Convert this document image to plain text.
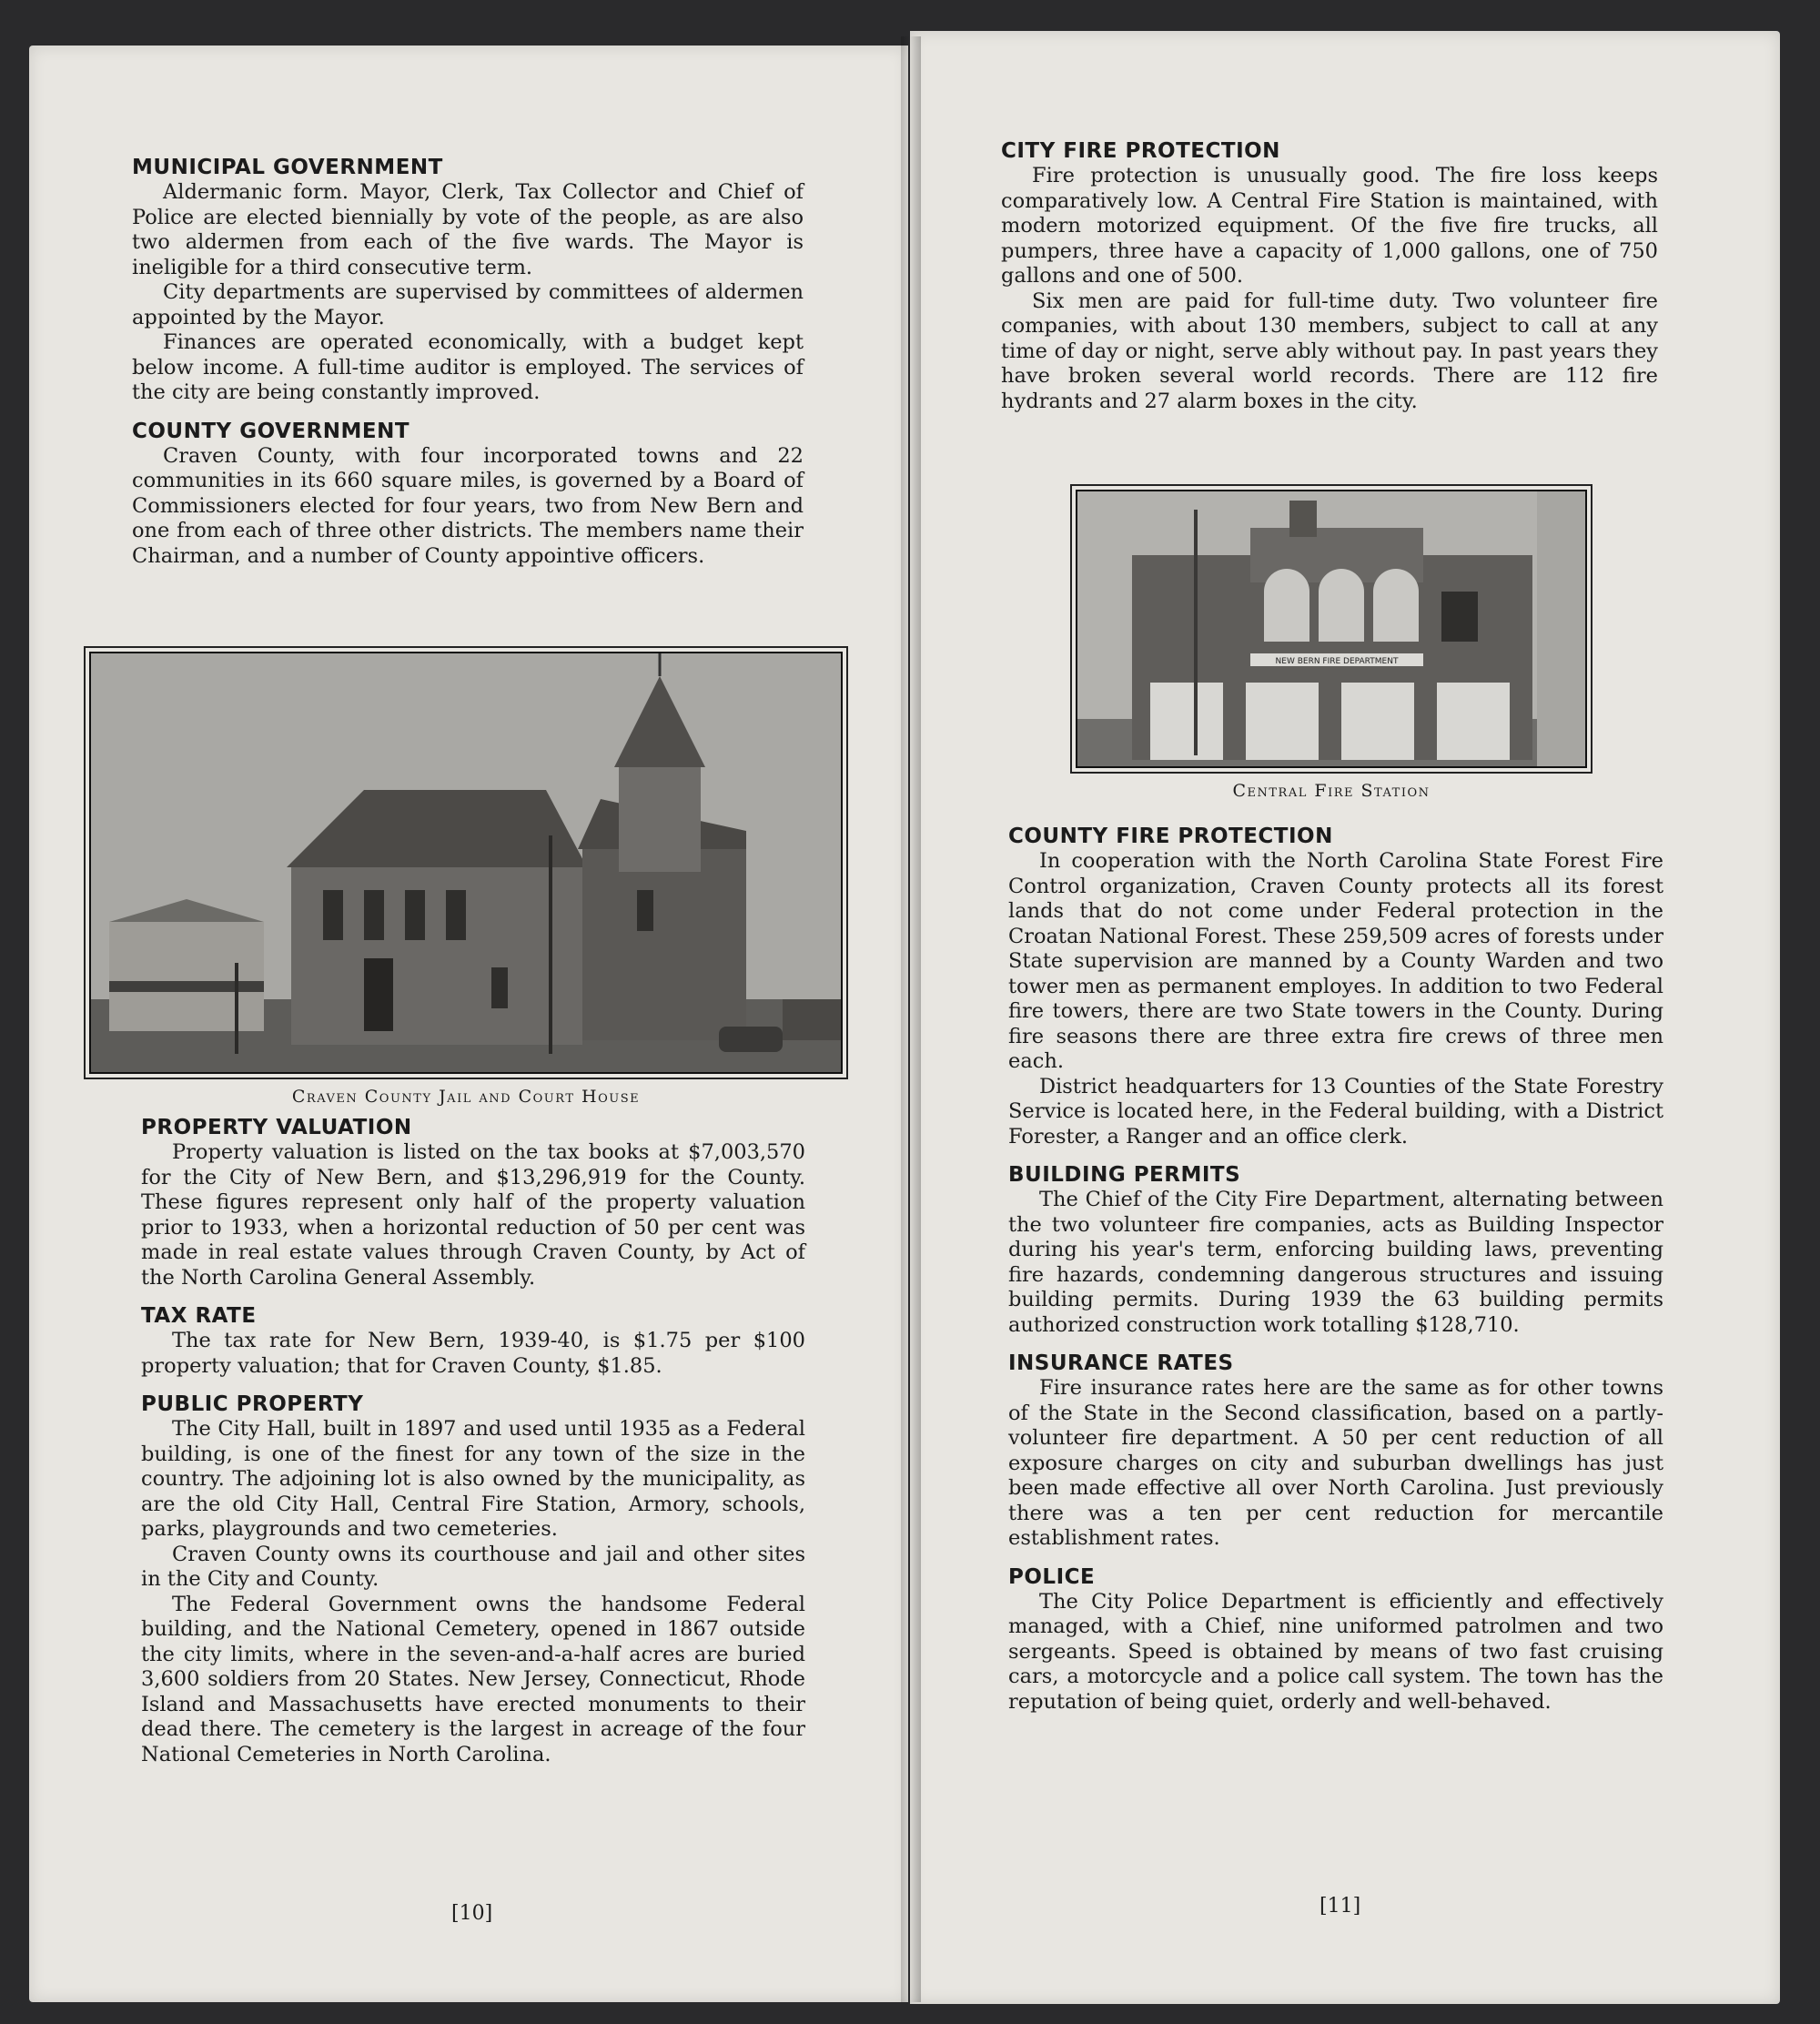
MUNICIPAL GOVERNMENT

Aldermanic form. Mayor, Clerk, Tax Collector and Chief of Police are elected biennially by vote of the people, as are also two aldermen from each of the five wards. The Mayor is ineligible for a third consecutive term.

City departments are supervised by committees of aldermen appointed by the Mayor.

Finances are operated economically, with a budget kept below income. A full-time auditor is employed. The services of the city are being constantly improved.

COUNTY GOVERNMENT

Craven County, with four incorporated towns and 22 communities in its 660 square miles, is governed by a Board of Commissioners elected for four years, two from New Bern and one from each of three other districts. The members name their Chairman, and a number of County appointive officers.

Craven County Jail and Court House
PROPERTY VALUATION

Property valuation is listed on the tax books at $7,003,570 for the City of New Bern, and $13,296,919 for the County. These figures represent only half of the property valuation prior to 1933, when a horizontal reduction of 50 per cent was made in real estate values through Craven County, by Act of the North Carolina General Assembly.

TAX RATE

The tax rate for New Bern, 1939-40, is $1.75 per $100 property valuation; that for Craven County, $1.85.

PUBLIC PROPERTY

The City Hall, built in 1897 and used until 1935 as a Federal building, is one of the finest for any town of the size in the country. The adjoining lot is also owned by the municipality, as are the old City Hall, Central Fire Station, Armory, schools, parks, playgrounds and two cemeteries.

Craven County owns its courthouse and jail and other sites in the City and County.

The Federal Government owns the handsome Federal building, and the National Cemetery, opened in 1867 outside the city limits, where in the seven-and-a-half acres are buried 3,600 soldiers from 20 States. New Jersey, Connecticut, Rhode Island and Massachusetts have erected monuments to their dead there. The cemetery is the largest in acreage of the four National Cemeteries in North Carolina.

[10]
CITY FIRE PROTECTION

Fire protection is unusually good. The fire loss keeps comparatively low. A Central Fire Station is maintained, with modern motorized equipment. Of the five fire trucks, all pumpers, three have a capacity of 1,000 gallons, one of 750 gallons and one of 500.

Six men are paid for full-time duty. Two volunteer fire companies, with about 130 members, subject to call at any time of day or night, serve ably without pay. In past years they have broken several world records. There are 112 fire hydrants and 27 alarm boxes in the city.

NEW BERN FIRE DEPARTMENT
Central Fire Station
COUNTY FIRE PROTECTION

In cooperation with the North Carolina State Forest Fire Control organization, Craven County protects all its forest lands that do not come under Federal protection in the Croatan National Forest. These 259,509 acres of forests under State supervision are manned by a County Warden and two tower men as permanent employes. In addition to two Federal fire towers, there are two State towers in the County. During fire seasons there are three extra fire crews of three men each.

District headquarters for 13 Counties of the State Forestry Service is located here, in the Federal building, with a District Forester, a Ranger and an office clerk.

BUILDING PERMITS

The Chief of the City Fire Department, alternating between the two volunteer fire companies, acts as Building Inspector during his year's term, enforcing building laws, preventing fire hazards, condemning dangerous structures and issuing building permits. During 1939 the 63 building permits authorized construction work totalling $128,710.

INSURANCE RATES

Fire insurance rates here are the same as for other towns of the State in the Second classification, based on a partly-volunteer fire department. A 50 per cent reduction of all exposure charges on city and suburban dwellings has just been made effective all over North Carolina. Just previously there was a ten per cent reduction for mercantile establishment rates.

POLICE

The City Police Department is efficiently and effectively managed, with a Chief, nine uniformed patrolmen and two sergeants. Speed is obtained by means of two fast cruising cars, a motorcycle and a police call system. The town has the reputation of being quiet, orderly and well-behaved.

[11]
